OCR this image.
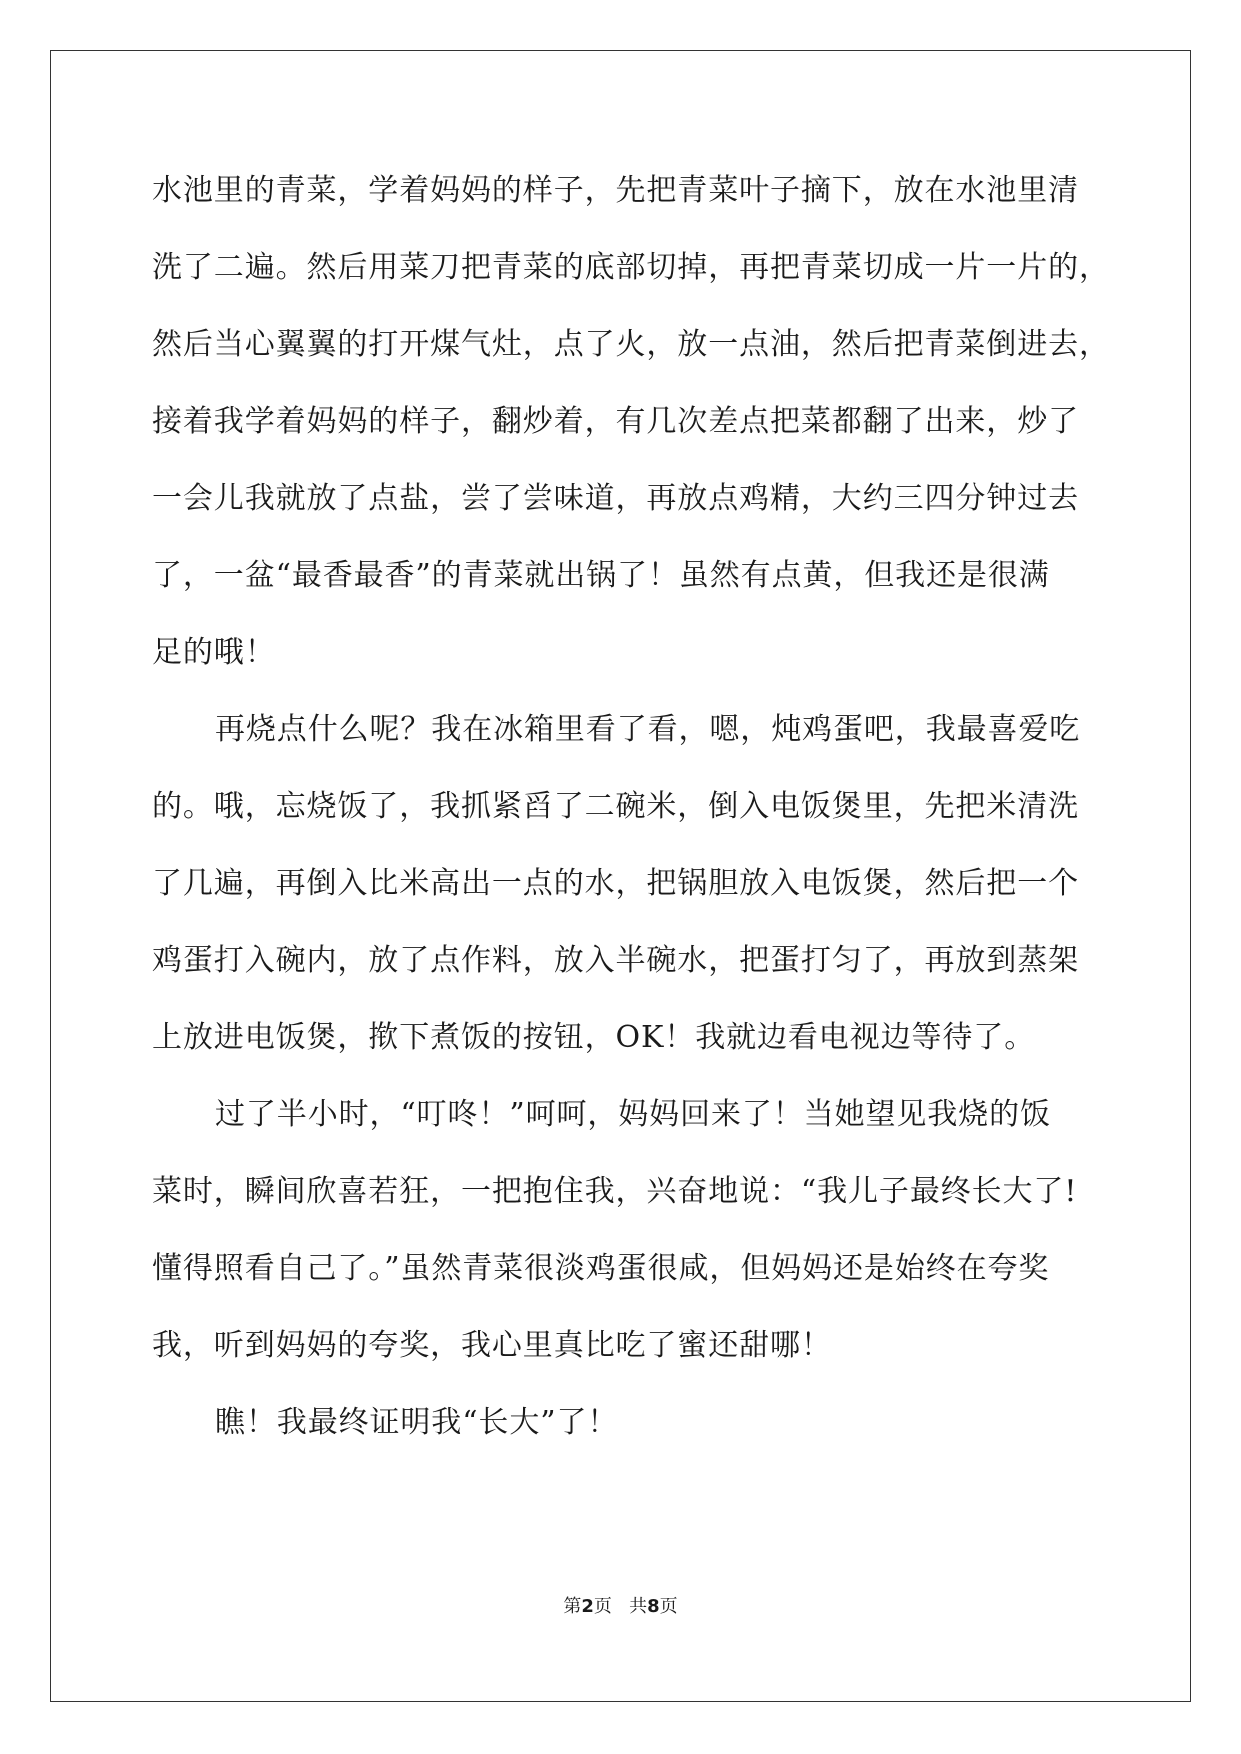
水池里的青菜，学着妈妈的样子，先把青菜叶子摘下，放在水池里清
洗了二遍。然后用菜刀把青菜的底部切掉，再把青菜切成一片一片的，
然后当心翼翼的打开煤气灶，点了火，放一点油，然后把青菜倒进去，
接着我学着妈妈的样子，翻炒着，有几次差点把菜都翻了出来，炒了
一会儿我就放了点盐，尝了尝味道，再放点鸡精，大约三四分钟过去
了，一盆“最香最香”的青菜就出锅了！虽然有点黄，但我还是很满
足的哦！
再烧点什么呢？我在冰箱里看了看，嗯，炖鸡蛋吧，我最喜爱吃
的。哦，忘烧饭了，我抓紧舀了二碗米，倒入电饭煲里，先把米清洗
了几遍，再倒入比米高出一点的水，把锅胆放入电饭煲，然后把一个
鸡蛋打入碗内，放了点作料，放入半碗水，把蛋打匀了，再放到蒸架
上放进电饭煲，揿下煮饭的按钮，OK！我就边看电视边等待了。
过了半小时，“叮咚！”呵呵，妈妈回来了！当她望见我烧的饭
菜时，瞬间欣喜若狂，一把抱住我，兴奋地说：“我儿子最终长大了!
懂得照看自己了。”虽然青菜很淡鸡蛋很咸，但妈妈还是始终在夸奖
我，听到妈妈的夸奖，我心里真比吃了蜜还甜哪！
瞧！我最终证明我“长大”了！
第2页   共8页
